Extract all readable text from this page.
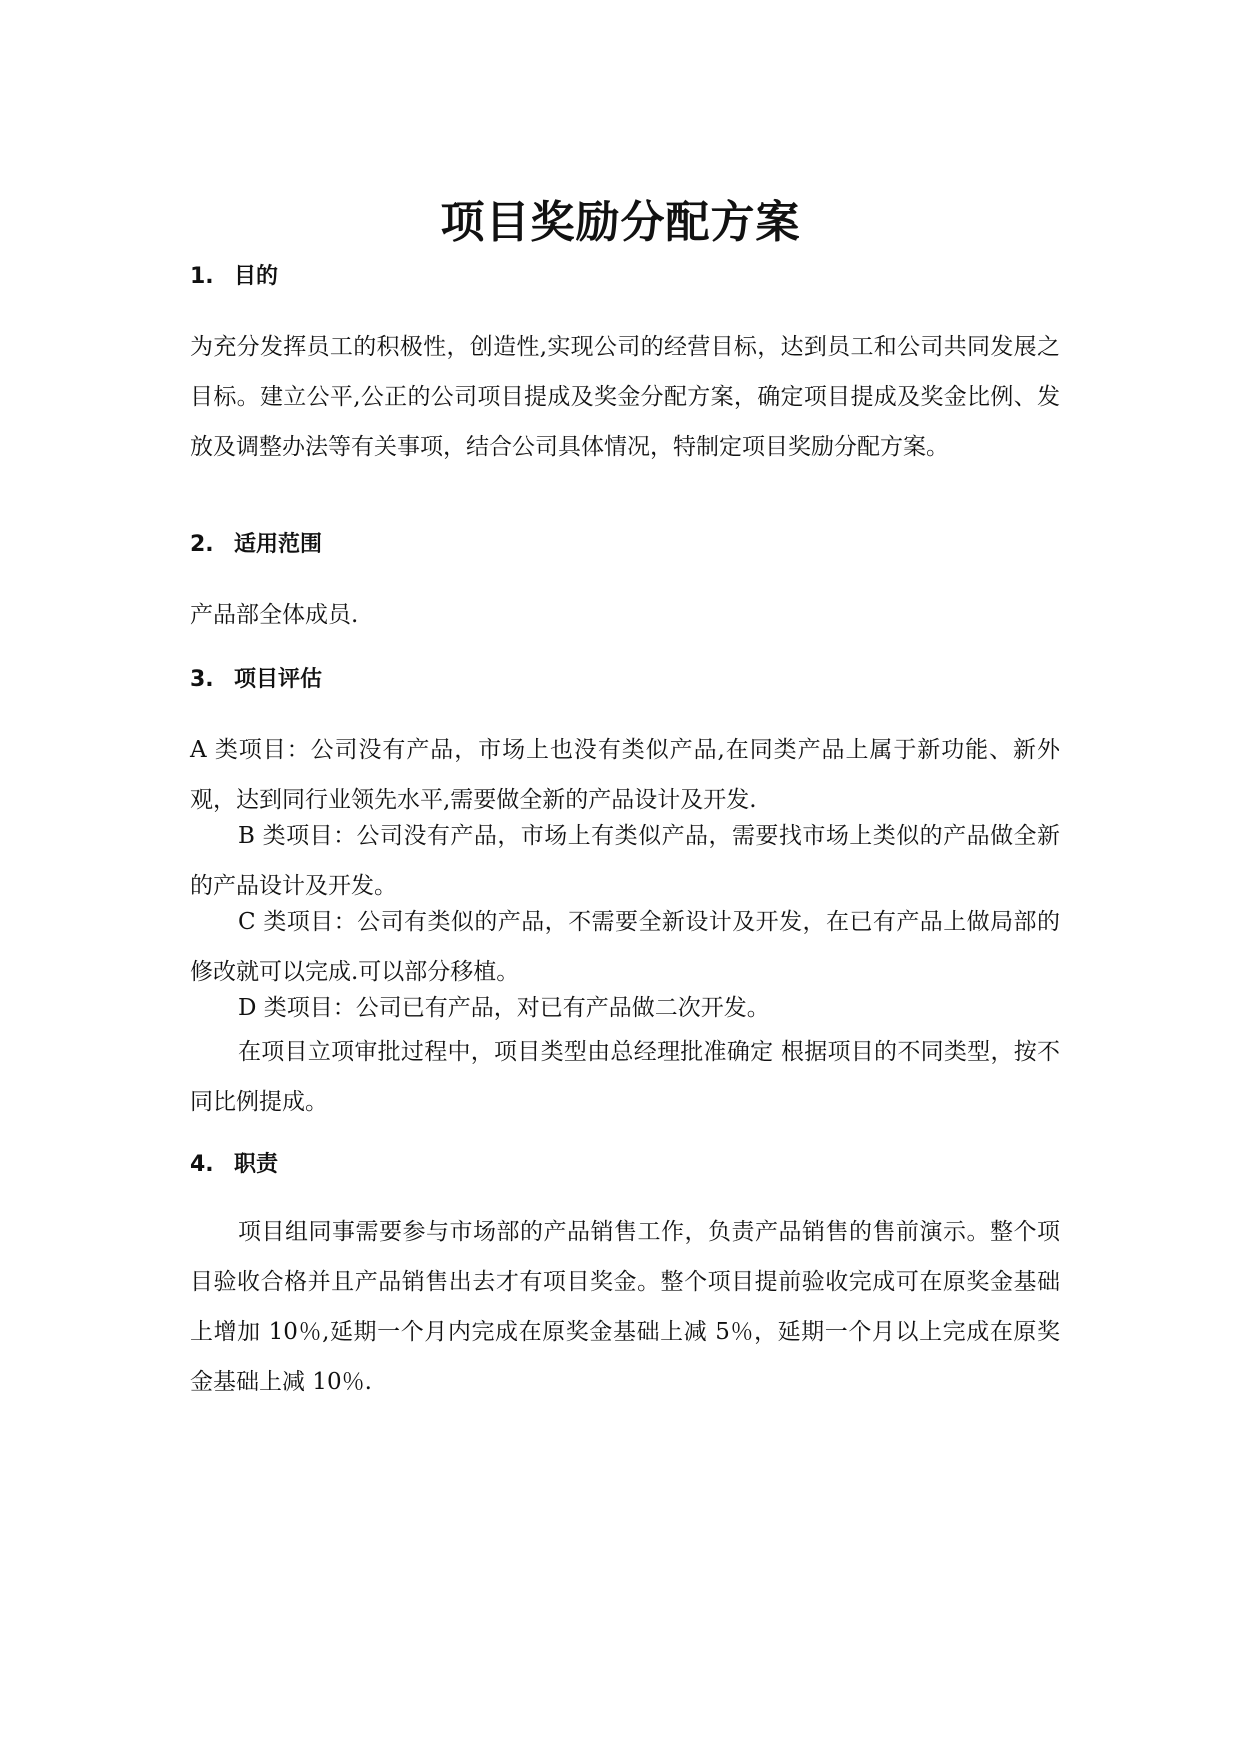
项目奖励分配方案
1. 目的

为充分发挥员工的积极性，创造性,实现公司的经营目标，达到员工和公司共同发展之目标。建立公平,公正的公司项目提成及奖金分配方案，确定项目提成及奖金比例、发放及调整办法等有关事项，结合公司具体情况，特制定项目奖励分配方案。

2. 适用范围

产品部全体成员.

3. 项目评估

A 类项目：公司没有产品，市场上也没有类似产品,在同类产品上属于新功能、新外观，达到同行业领先水平,需要做全新的产品设计及开发.

B 类项目：公司没有产品，市场上有类似产品，需要找市场上类似的产品做全新的产品设计及开发。

C 类项目：公司有类似的产品，不需要全新设计及开发，在已有产品上做局部的修改就可以完成.可以部分移植。

D 类项目：公司已有产品，对已有产品做二次开发。

在项目立项审批过程中，项目类型由总经理批准确定 根据项目的不同类型，按不同比例提成。

4. 职责

项目组同事需要参与市场部的产品销售工作，负责产品销售的售前演示。整个项目验收合格并且产品销售出去才有项目奖金。整个项目提前验收完成可在原奖金基础上增加 10％,延期一个月内完成在原奖金基础上减 5％，延期一个月以上完成在原奖金基础上减 10％.
